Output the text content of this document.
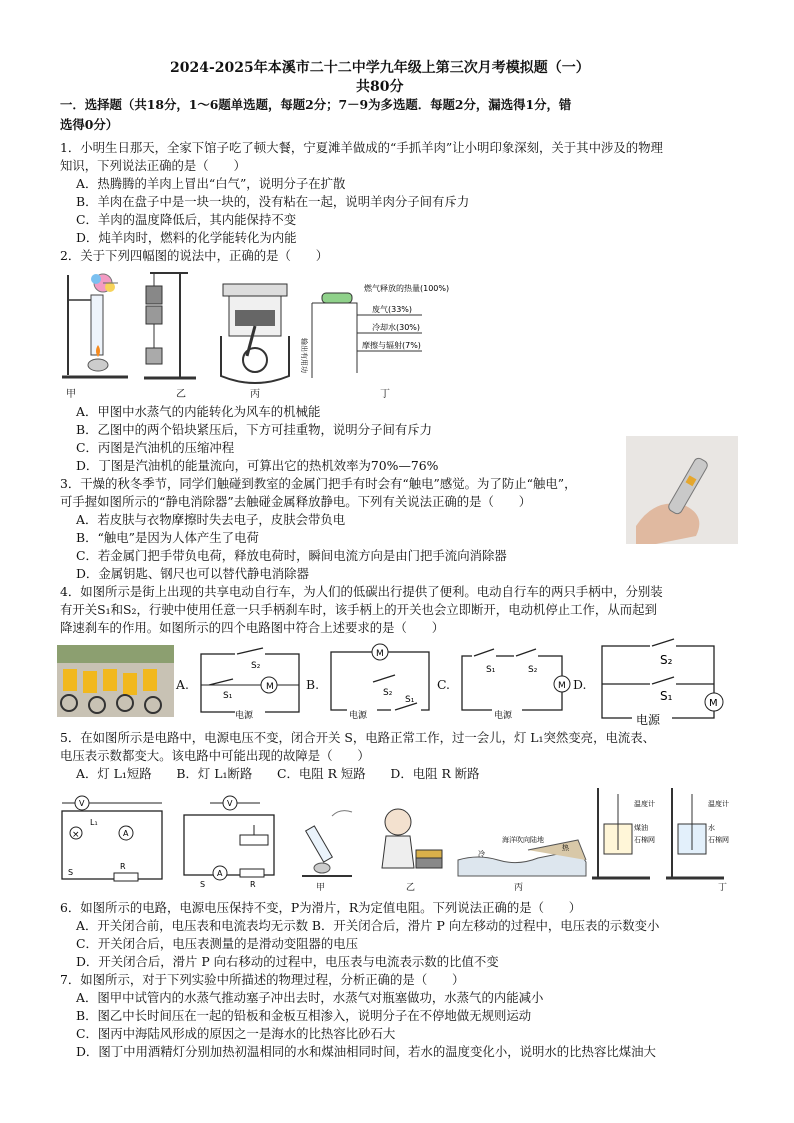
2024-2025年本溪市二十二中学九年级上第三次月考模拟题（一）
共80分
一．选择题（共18分，1～6题单选题，每题2分；7－9为多选题．每题2分，漏选得1分，错
选得0分）
1．小明生日那天，全家下馆子吃了顿大餐，宁夏滩羊做成的“手抓羊肉”让小明印象深刻，关于其中涉及的物理
知识，下列说法正确的是（　　）
A．热腾腾的羊肉上冒出“白气”，说明分子在扩散
B．羊肉在盘子中是一块一块的，没有粘在一起，说明羊肉分子间有斥力
C．羊肉的温度降低后，其内能保持不变
D．炖羊肉时，燃料的化学能转化为内能
2．关于下列四幅图的说法中，正确的是（　　）
甲	乙	丙
燃气释放的热量(100%)
废气(33%)
冷却水(30%)
摩擦与辐射(7%)
输出有用功
丁
A．甲图中水蒸气的内能转化为风车的机械能
B．乙图中的两个铅块紧压后，下方可挂重物，说明分子间有斥力
C．丙图是汽油机的压缩冲程
D．丁图是汽油机的能量流向，可算出它的热机效率为70%—76%
3．干燥的秋冬季节，同学们触碰到教室的金属门把手有时会有“触电”感觉。为了防止“触电”，
可手握如图所示的“静电消除器”去触碰金属释放静电。下列有关说法正确的是（　　）
A．若皮肤与衣物摩擦时失去电子，皮肤会带负电
B．“触电”是因为人体产生了电荷
C．若金属门把手带负电荷，释放电荷时，瞬间电流方向是由门把手流向消除器
D．金属钥匙、钢尺也可以替代静电消除器
4．如图所示是街上出现的共享电动自行车，为人们的低碳出行提供了便利。电动自行车的两只手柄中，分别装
有开关S₁和S₂，行驶中使用任意一只手柄刹车时，该手柄上的开关也会立即断开，电动机停止工作，从而起到
降速刹车的作用。如图所示的四个电路图中符合上述要求的是（　　）
A.	M
S₂
S₁
电源
B.
M
S₂
S₁
电源
C.
S₁	S₂
M
电源
D.
S₂
S₁
M
电源
5．在如图所示是电路中，电源电压不变，闭合开关 S，电路正常工作，过一会儿，灯 L₁突然变亮，电流表、
电压表示数都变大。该电路中可能出现的故障是（　　）
A．灯 L₁短路　　B．灯 L₁断路　　C．电阻 R 短路　　D．电阻 R 断路
V
×
L₁
A
R
S
V
A
S	R	甲	乙
海洋吹向陆地
热
冷
丙
温度计
煤油
石棉网
温度计
水
石棉网
丁
6．如图所示的电路，电源电压保持不变，P为滑片，R为定值电阻。下列说法正确的是（　　）
A．开关闭合前，电压表和电流表均无示数 B．开关闭合后，滑片 P 向左移动的过程中，电压表的示数变小
C．开关闭合后，电压表测量的是滑动变阻器的电压
D．开关闭合后，滑片 P 向右移动的过程中，电压表与电流表示数的比值不变
7．如图所示，对于下列实验中所描述的物理过程，分析正确的是（　　）
A．图甲中试管内的水蒸气推动塞子冲出去时，水蒸气对瓶塞做功，水蒸气的内能减小
B．图乙中长时间压在一起的铅板和金板互相渗入，说明分子在不停地做无规则运动
C．图丙中海陆风形成的原因之一是海水的比热容比砂石大
D．图丁中用酒精灯分别加热初温相同的水和煤油相同时间，若水的温度变化小，说明水的比热容比煤油大
